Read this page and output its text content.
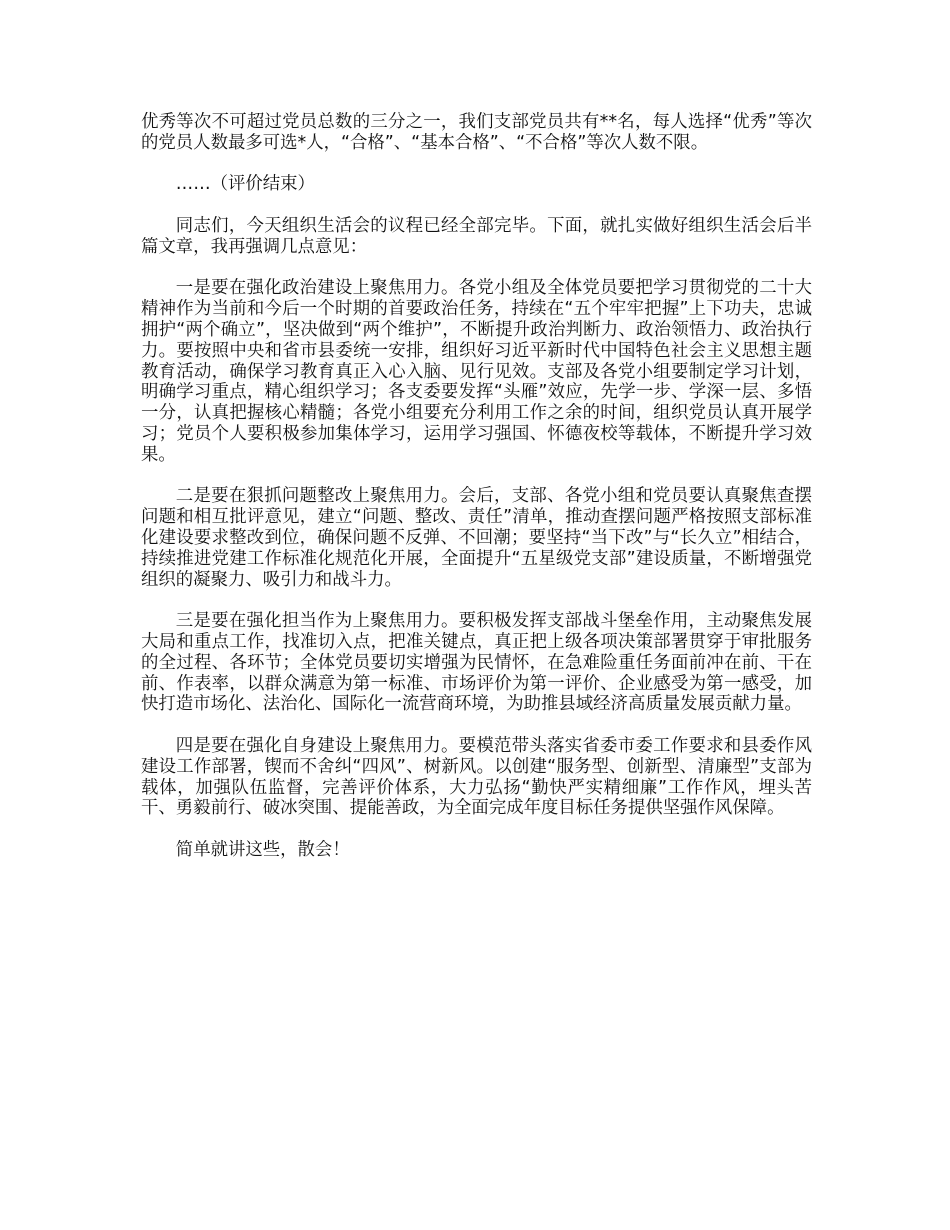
优秀等次不可超过党员总数的三分之一，我们支部党员共有**名，每人选择“优秀”等次的党员人数最多可选*人，“合格”、“基本合格”、“不合格”等次人数不限。

……（评价结束）

同志们，今天组织生活会的议程已经全部完毕。下面，就扎实做好组织生活会后半篇文章，我再强调几点意见：

一是要在强化政治建设上聚焦用力。各党小组及全体党员要把学习贯彻党的二十大精神作为当前和今后一个时期的首要政治任务，持续在“五个牢牢把握”上下功夫，忠诚拥护“两个确立”，坚决做到“两个维护”，不断提升政治判断力、政治领悟力、政治执行力。要按照中央和省市县委统一安排，组织好习近平新时代中国特色社会主义思想主题教育活动，确保学习教育真正入心入脑、见行见效。支部及各党小组要制定学习计划，明确学习重点，精心组织学习；各支委要发挥“头雁”效应，先学一步、学深一层、多悟一分，认真把握核心精髓；各党小组要充分利用工作之余的时间，组织党员认真开展学习；党员个人要积极参加集体学习，运用学习强国、怀德夜校等载体，不断提升学习效果。

二是要在狠抓问题整改上聚焦用力。会后，支部、各党小组和党员要认真聚焦查摆问题和相互批评意见，建立“问题、整改、责任”清单，推动查摆问题严格按照支部标准化建设要求整改到位，确保问题不反弹、不回潮；要坚持“当下改”与“长久立”相结合，持续推进党建工作标准化规范化开展，全面提升“五星级党支部”建设质量，不断增强党组织的凝聚力、吸引力和战斗力。

三是要在强化担当作为上聚焦用力。要积极发挥支部战斗堡垒作用，主动聚焦发展大局和重点工作，找准切入点，把准关键点，真正把上级各项决策部署贯穿于审批服务的全过程、各环节；全体党员要切实增强为民情怀，在急难险重任务面前冲在前、干在前、作表率，以群众满意为第一标准、市场评价为第一评价、企业感受为第一感受，加快打造市场化、法治化、国际化一流营商环境，为助推县域经济高质量发展贡献力量。

四是要在强化自身建设上聚焦用力。要模范带头落实省委市委工作要求和县委作风建设工作部署，锲而不舍纠“四风”、树新风。以创建“服务型、创新型、清廉型”支部为载体，加强队伍监督，完善评价体系，大力弘扬“勤快严实精细廉”工作作风，埋头苦干、勇毅前行、破冰突围、提能善政，为全面完成年度目标任务提供坚强作风保障。

简单就讲这些，散会！
